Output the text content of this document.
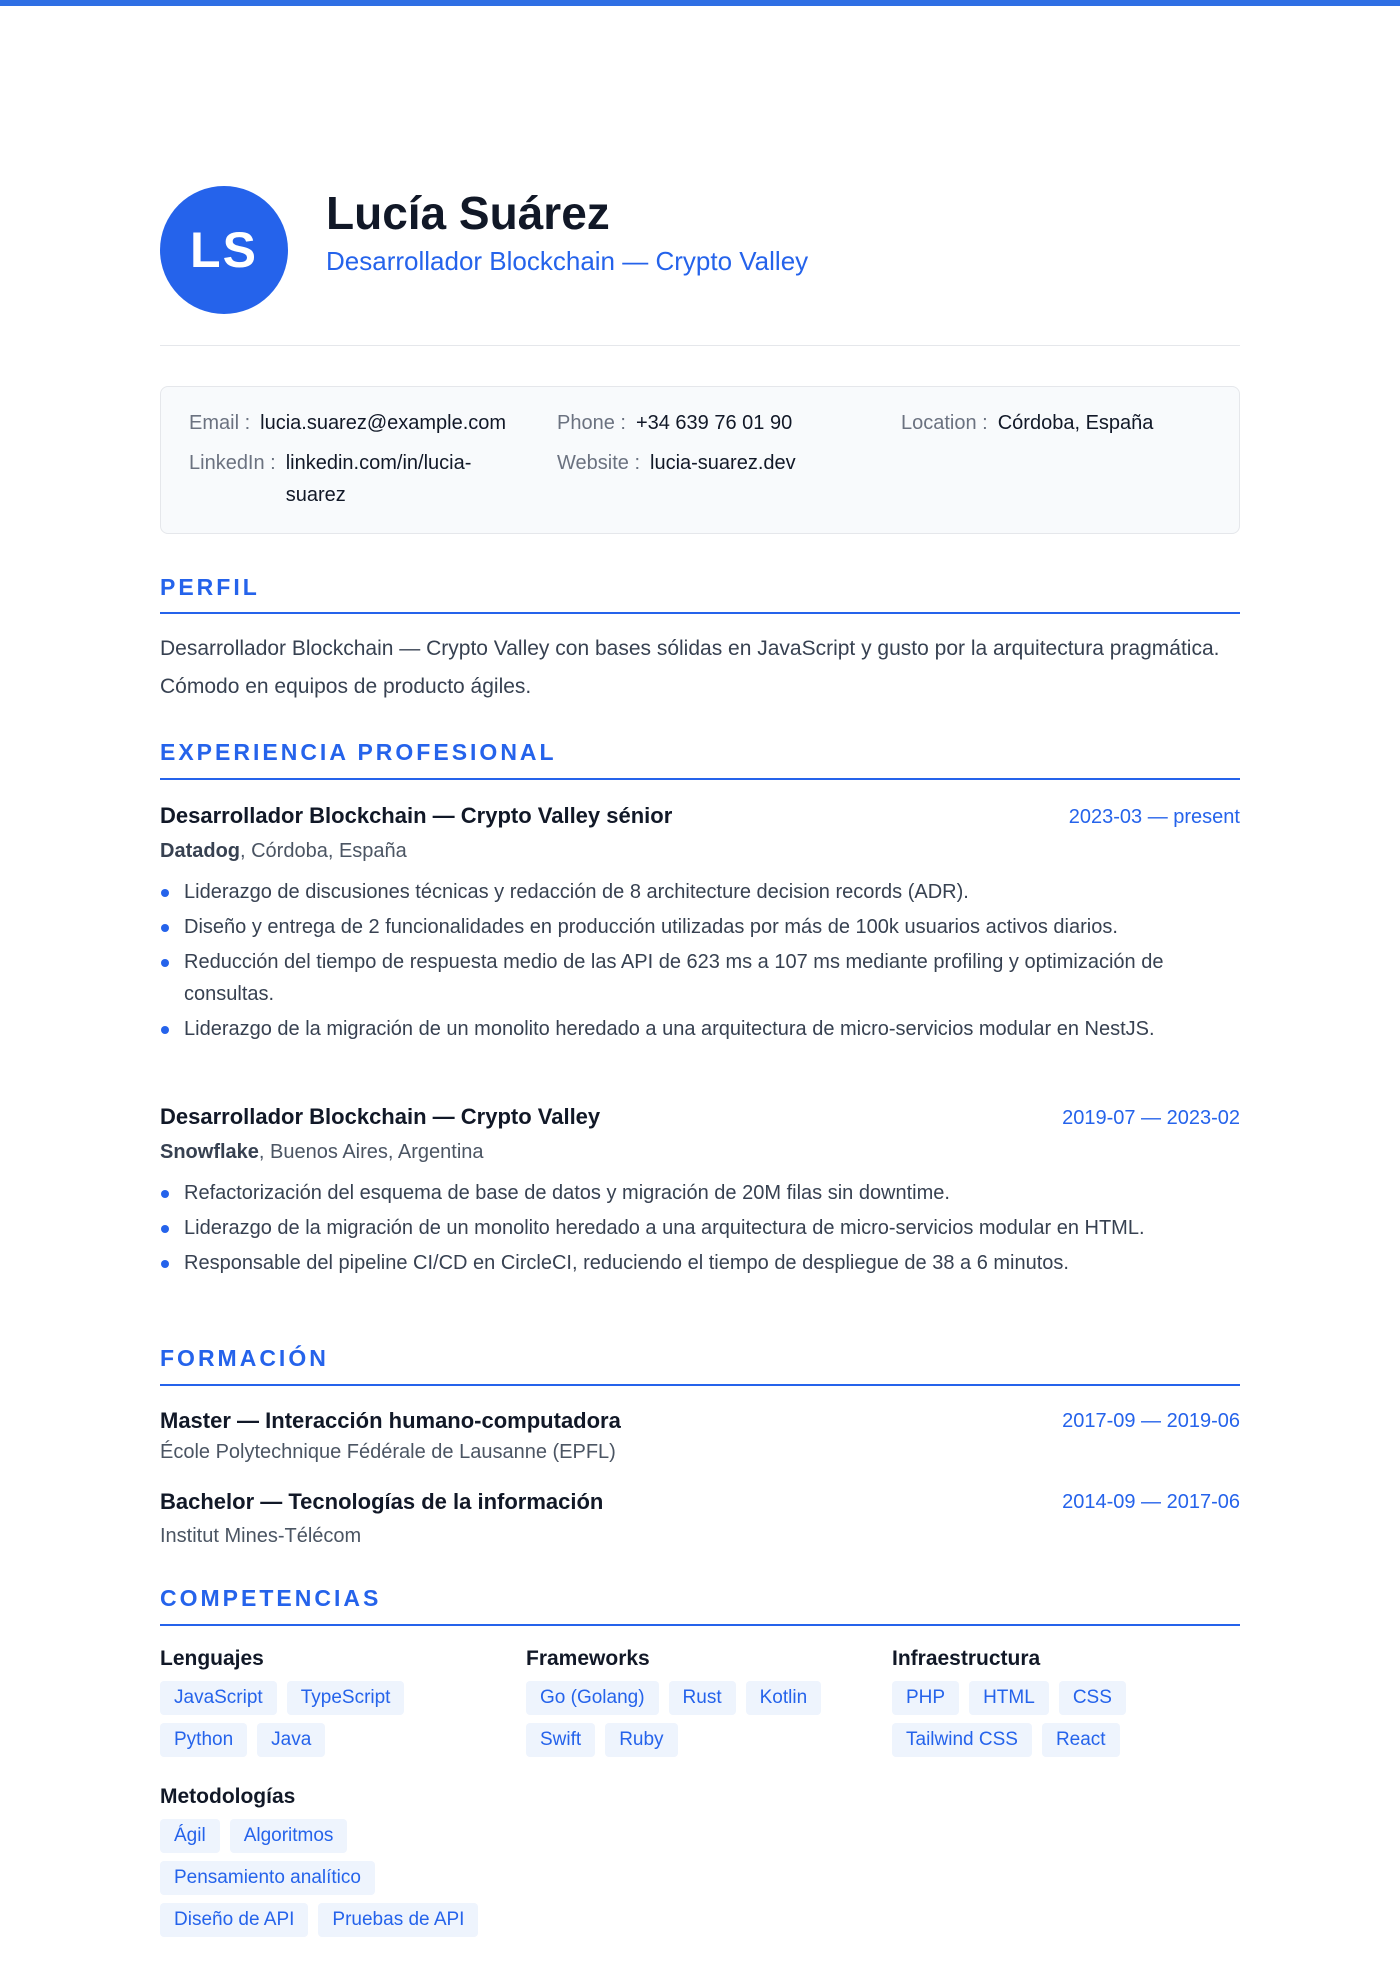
LS
Lucía Suárez
Desarrollador Blockchain — Crypto Valley
Email : lucia.suarez@example.com	Phone : +34 639 76 01 90	Location : Córdoba, España
LinkedIn : linkedin.com/in/lucia-suarez
Website : lucia-suarez.dev
PERFIL
Desarrollador Blockchain — Crypto Valley con bases sólidas en JavaScript y gusto por la arquitectura pragmática. Cómodo en equipos de producto ágiles.
EXPERIENCIA PROFESIONAL
Desarrollador Blockchain — Crypto Valley sénior	2023-03 — present
Datadog, Córdoba, España
Liderazgo de discusiones técnicas y redacción de 8 architecture decision records (ADR).
Diseño y entrega de 2 funcionalidades en producción utilizadas por más de 100k usuarios activos diarios.
Reducción del tiempo de respuesta medio de las API de 623 ms a 107 ms mediante profiling y optimización de consultas.
Liderazgo de la migración de un monolito heredado a una arquitectura de micro-servicios modular en NestJS.
Desarrollador Blockchain — Crypto Valley	2019-07 — 2023-02
Snowflake, Buenos Aires, Argentina
Refactorización del esquema de base de datos y migración de 20M filas sin downtime.
Liderazgo de la migración de un monolito heredado a una arquitectura de micro-servicios modular en HTML.
Responsable del pipeline CI/CD en CircleCI, reduciendo el tiempo de despliegue de 38 a 6 minutos.
FORMACIÓN
Master — Interacción humano-computadora	2017-09 — 2019-06
École Polytechnique Fédérale de Lausanne (EPFL)
Bachelor — Tecnologías de la información	2014-09 — 2017-06
Institut Mines-Télécom
COMPETENCIAS
Lenguajes
JavaScript	TypeScript
Python	Java
Frameworks
Go (Golang)	Rust	Kotlin
Swift	Ruby
Infraestructura
PHP	HTML	CSS
Tailwind CSS	React
Metodologías
Ágil	Algoritmos
Pensamiento analítico
Diseño de API	Pruebas de API
